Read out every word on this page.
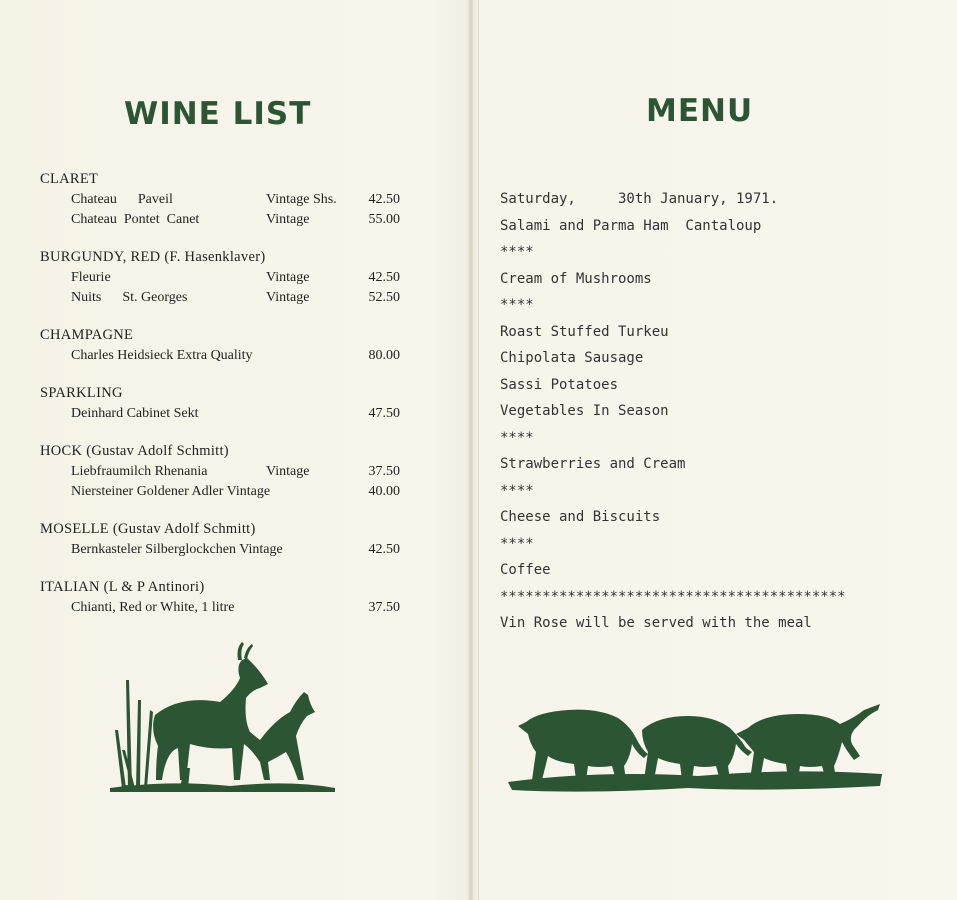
WINE LIST	MENU
CLARET
Chateau      Paveil	Vintage Shs. 42.50
Chateau  Pontet  Canet	Vintage	55.00
BURGUNDY, RED (F. Hasenklaver)
Fleurie	Vintage	42.50
Nuits      St. Georges	Vintage	52.50
CHAMPAGNE
Charles Heidsieck Extra Quality	80.00
SPARKLING
Deinhard Cabinet Sekt	47.50
HOCK (Gustav Adolf Schmitt)
Liebfraumilch Rhenania	Vintage	37.50
Niersteiner Goldener Adler Vintage	40.00
MOSELLE (Gustav Adolf Schmitt)
Bernkasteler Silberglockchen Vintage	42.50
ITALIAN (L & P Antinori)
Chianti, Red or White, 1 litre	37.50
Saturday,     30th January, 1971.
Salami and Parma Ham  Cantaloup
****
Cream of Mushrooms
****
Roast Stuffed Turkeu
Chipolata Sausage
Sassi Potatoes
Vegetables In Season
****
Strawberries and Cream
****
Cheese and Biscuits
****
Coffee
*****************************************
Vin Rose will be served with the meal
